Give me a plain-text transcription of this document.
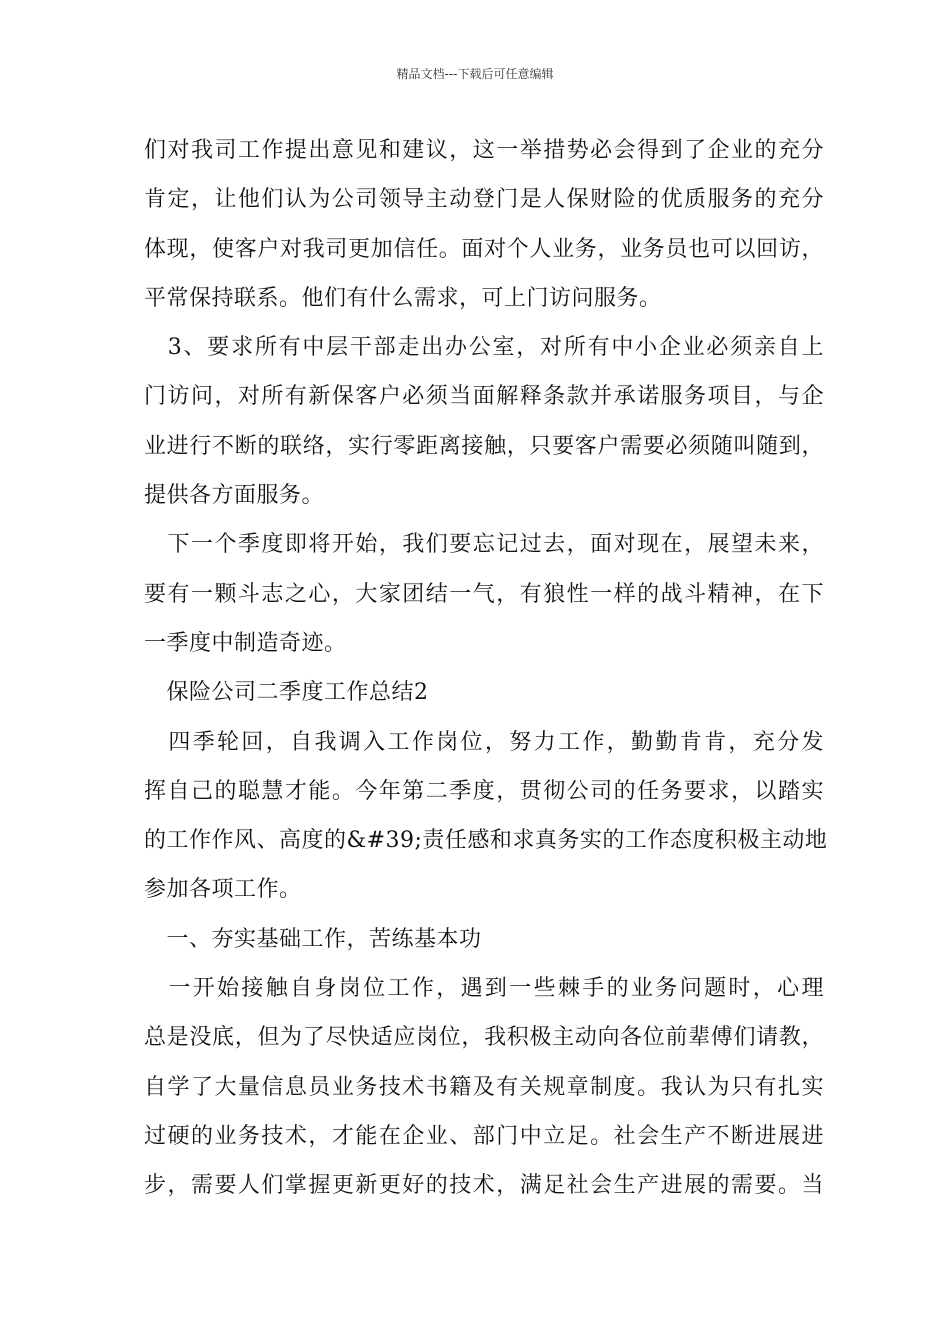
精品文档---下载后可任意编辑
们对我司工作提出意见和建议，这一举措势必会得到了企业的充分
肯定，让他们认为公司领导主动登门是人保财险的优质服务的充分
体现，使客户对我司更加信任。面对个人业务，业务员也可以回访，
平常保持联系。他们有什么需求，可上门访问服务。
　3、要求所有中层干部走出办公室，对所有中小企业必须亲自上
门访问，对所有新保客户必须当面解释条款并承诺服务项目，与企
业进行不断的联络，实行零距离接触，只要客户需要必须随叫随到，
提供各方面服务。
　下一个季度即将开始，我们要忘记过去，面对现在，展望未来，
要有一颗斗志之心，大家团结一气，有狼性一样的战斗精神，在下
一季度中制造奇迹。
　保险公司二季度工作总结2
　四季轮回，自我调入工作岗位，努力工作，勤勤肯肯，充分发
挥自己的聪慧才能。今年第二季度，贯彻公司的任务要求，以踏实
的工作作风、高度的&#39;责任感和求真务实的工作态度积极主动地
参加各项工作。
　一、夯实基础工作，苦练基本功
　一开始接触自身岗位工作，遇到一些棘手的业务问题时，心理
总是没底，但为了尽快适应岗位，我积极主动向各位前辈傅们请教，
自学了大量信息员业务技术书籍及有关规章制度。我认为只有扎实
过硬的业务技术，才能在企业、部门中立足。社会生产不断进展进
步，需要人们掌握更新更好的技术，满足社会生产进展的需要。当
